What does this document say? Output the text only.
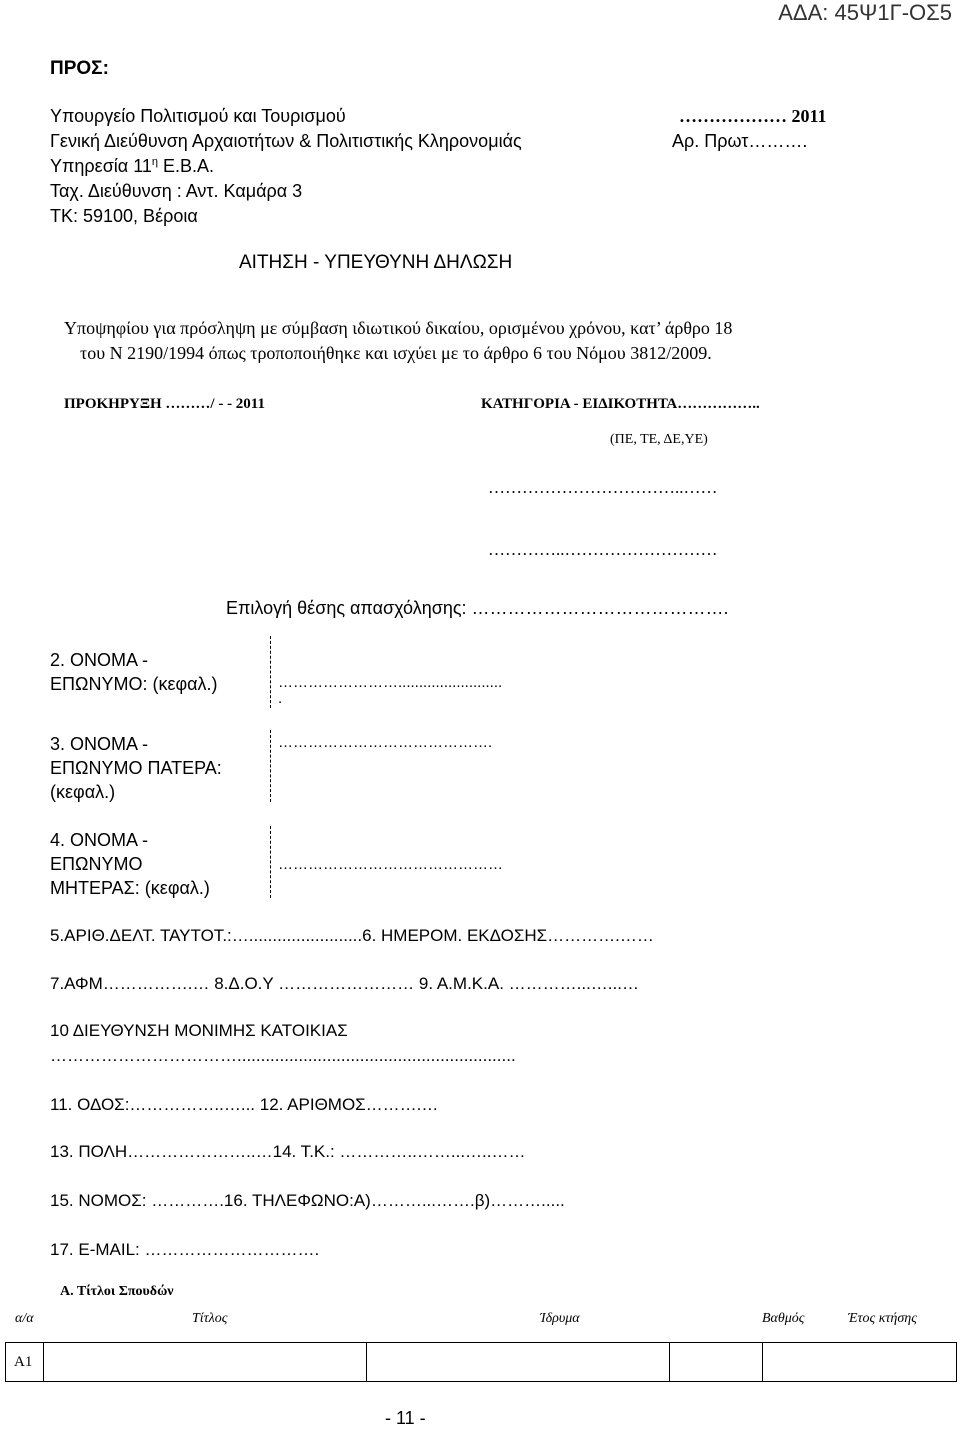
ΑΔΑ: 45Ψ1Γ-ΟΣ5
ΠΡΟΣ:
Υπουργείο Πολιτισμού και Τουρισμού
Γενική Διεύθυνση Αρχαιοτήτων & Πολιτιστικής Κληρονομιάς
Υπηρεσία $11^\eta$ Ε.Β.Α.
Ταχ. Διεύθυνση : Αντ. Καμάρα 3
ΤΚ: 59100, Βέροια
……………… 2011
Αρ. Πρωτ……….
ΑΙΤΗΣΗ - ΥΠΕΥΘΥΝΗ ΔΗΛΩΣΗ
Υποψηφίου για πρόσληψη με σύμβαση ιδιωτικού δικαίου, ορισμένου χρόνου, κατ’ άρθρο 18
του Ν 2190/1994 όπως τροποποιήθηκε και ισχύει με το άρθρο 6 του Νόμου 3812/2009.
ΠΡΟΚΗΡΥΞΗ ………/ - - 2011	ΚΑΤΗΓΟΡΙΑ - ΕΙΔΙΚΟΤΗΤΑ……………..
(ΠΕ, ΤΕ, ΔΕ,ΥΕ)
……………………………..……
…………..………………………
Επιλογή θέσης απασχόλησης: …………………………………….
2. ΟΝΟΜΑ -
ΕΠΩΝΥΜΟ: (κεφαλ.)	…………………….........................
.
3. ΟΝΟΜΑ -
ΕΠΩΝΥΜΟ ΠΑΤΕΡΑ:
(κεφαλ.)
…………………………………….
4. ΟΝΟΜΑ -
ΕΠΩΝΥΜΟ
ΜΗΤΕΡΑΣ: (κεφαλ.)
………………………………………
5.ΑΡΙΘ.ΔΕΛΤ. ΤΑΥΤΟΤ.:…........................6. ΗΜΕΡΟΜ. ΕΚΔΟΣΗΣ………….……
7.ΑΦΜ…………….… 8.Δ.Ο.Υ …………………… 9. Α.Μ.Κ.Α. …………...…...…
10 ΔΙΕΥΘΥΝΣΗ ΜΟΝΙΜΗΣ ΚΑΤΟΙΚΙΑΣ
……………………………...........................................................
11. ΟΔΟΣ:……………..…... 12. ΑΡΙΘΜΟΣ……….…
13. ΠΟΛΗ…………………..…14. Τ.Κ.: …………..……...…..……
15. ΝΟΜΟΣ: ………….16. ΤΗΛΕΦΩΝΟ:Α)………...…….β)……….....
17. E-MAIL: ………………………….
Α. Τίτλοι Σπουδών
α/α	Τίτλος	Ίδρυμα	Βαθμός	Έτος κτήσης
Α1				
- 11 -
